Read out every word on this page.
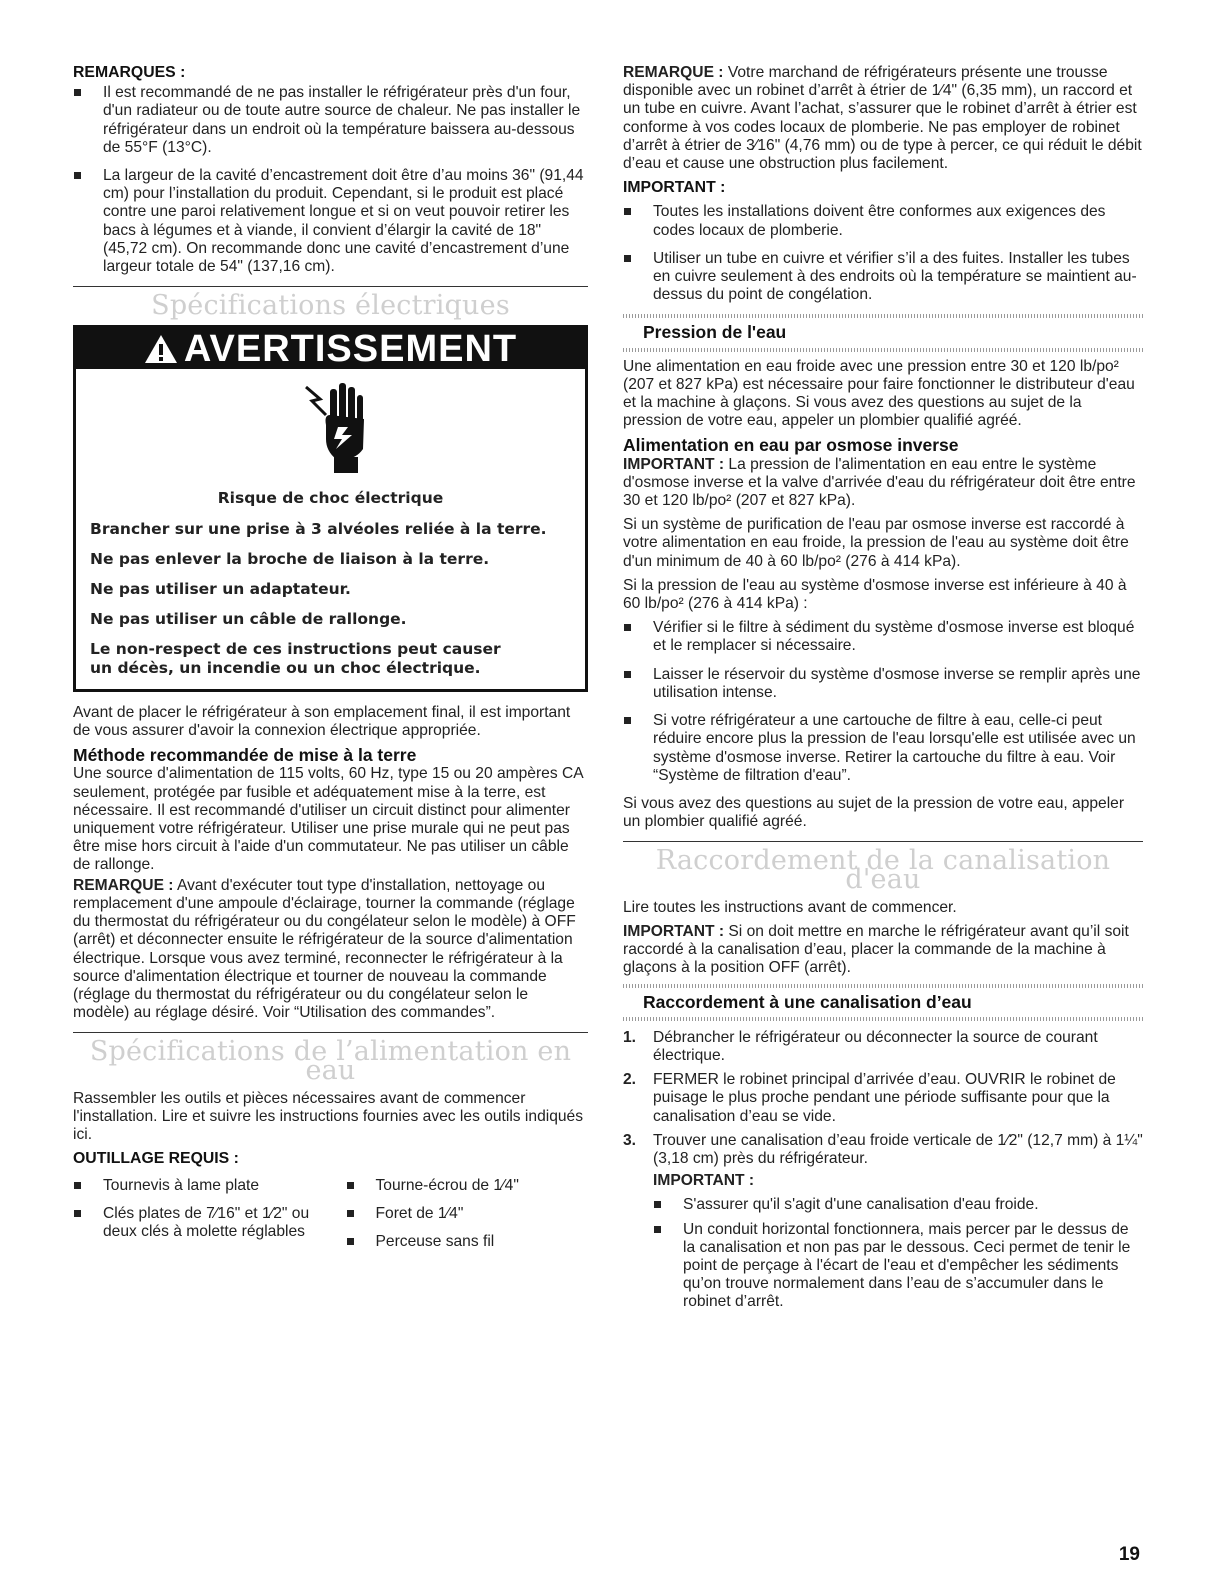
REMARQUES :
Il est recommandé de ne pas installer le réfrigérateur près d'un four, d'un radiateur ou de toute autre source de chaleur. Ne pas installer le réfrigérateur dans un endroit où la température baissera au-dessous de 55°F (13°C).
La largeur de la cavité d’encastrement doit être d’au moins 36" (91,44 cm) pour l’installation du produit. Cependant, si le produit est placé contre une paroi relativement longue et si on veut pouvoir retirer les bacs à légumes et à viande, il convient d’élargir la cavité de 18" (45,72 cm). On recommande donc une cavité d’encastrement d’une largeur totale de 54" (137,16 cm).
Spécifications électriques
AVERTISSEMENT
Risque de choc électrique
Brancher sur une prise à 3 alvéoles reliée à la terre.
Ne pas enlever la broche de liaison à la terre.
Ne pas utiliser un adaptateur.
Ne pas utiliser un câble de rallonge.
Le non-respect de ces instructions peut causer
un décès, un incendie ou un choc électrique.

Avant de placer le réfrigérateur à son emplacement final, il est important de vous assurer d'avoir la connexion électrique appropriée.

Méthode recommandée de mise à la terre

Une source d'alimentation de 115 volts, 60 Hz, type 15 ou 20 ampères CA seulement, protégée par fusible et adéquatement mise à la terre, est nécessaire. Il est recommandé d'utiliser un circuit distinct pour alimenter uniquement votre réfrigérateur. Utiliser une prise murale qui ne peut pas être mise hors circuit à l'aide d'un commutateur. Ne pas utiliser un câble de rallonge.

REMARQUE : Avant d'exécuter tout type d'installation, nettoyage ou remplacement d'une ampoule d'éclairage, tourner la commande (réglage du thermostat du réfrigérateur ou du congélateur selon le modèle) à OFF (arrêt) et déconnecter ensuite le réfrigérateur de la source d'alimentation électrique. Lorsque vous avez terminé, reconnecter le réfrigérateur à la source d'alimentation électrique et tourner de nouveau la commande (réglage du thermostat du réfrigérateur ou du congélateur selon le modèle) au réglage désiré. Voir “Utilisation des commandes”.

Spécifications de l’alimentation en eau

Rassembler les outils et pièces nécessaires avant de commencer l'installation. Lire et suivre les instructions fournies avec les outils indiqués ici.

OUTILLAGE REQUIS :
Tournevis à lame plate
Clés plates de 7⁄16" et 1⁄2" ou deux clés à molette réglables
Tourne-écrou de 1⁄4"
Foret de 1⁄4"
Perceuse sans fil

REMARQUE : Votre marchand de réfrigérateurs présente une trousse disponible avec un robinet d’arrêt à étrier de 1⁄4" (6,35 mm), un raccord et un tube en cuivre. Avant l’achat, s’assurer que le robinet d’arrêt à étrier est conforme à vos codes locaux de plomberie. Ne pas employer de robinet d’arrêt à étrier de 3⁄16" (4,76 mm) ou de type à percer, ce qui réduit le débit d’eau et cause une obstruction plus facilement.

IMPORTANT :
Toutes les installations doivent être conformes aux exigences des codes locaux de plomberie.
Utiliser un tube en cuivre et vérifier s’il a des fuites. Installer les tubes en cuivre seulement à des endroits où la température se maintient au-dessus du point de congélation.
Pression de l'eau

Une alimentation en eau froide avec une pression entre 30 et 120 lb/po² (207 et 827 kPa) est nécessaire pour faire fonctionner le distributeur d'eau et la machine à glaçons. Si vous avez des questions au sujet de la pression de votre eau, appeler un plombier qualifié agréé.

Alimentation en eau par osmose inverse

IMPORTANT : La pression de l'alimentation en eau entre le système d'osmose inverse et la valve d'arrivée d'eau du réfrigérateur doit être entre 30 et 120 lb/po² (207 et 827 kPa).

Si un système de purification de l'eau par osmose inverse est raccordé à votre alimentation en eau froide, la pression de l'eau au système doit être d'un minimum de 40 à 60 lb/po² (276 à 414 kPa).

Si la pression de l'eau au système d'osmose inverse est inférieure à 40 à 60 lb/po² (276 à 414 kPa) :

Vérifier si le filtre à sédiment du système d'osmose inverse est bloqué et le remplacer si nécessaire.
Laisser le réservoir du système d'osmose inverse se remplir après une utilisation intense.
Si votre réfrigérateur a une cartouche de filtre à eau, celle-ci peut réduire encore plus la pression de l'eau lorsqu'elle est utilisée avec un système d'osmose inverse. Retirer la cartouche du filtre à eau. Voir “Système de filtration d'eau”.

Si vous avez des questions au sujet de la pression de votre eau, appeler un plombier qualifié agréé.

Raccordement de la canalisation d'eau

Lire toutes les instructions avant de commencer.

IMPORTANT : Si on doit mettre en marche le réfrigérateur avant qu’il soit raccordé à la canalisation d’eau, placer la commande de la machine à glaçons à la position OFF (arrêt).

Raccordement à une canalisation d’eau
1. Débrancher le réfrigérateur ou déconnecter la source de courant électrique.
2. FERMER le robinet principal d’arrivée d’eau. OUVRIR le robinet de puisage le plus proche pendant une période suffisante pour que la canalisation d’eau se vide.
3. Trouver une canalisation d’eau froide verticale de 1⁄2" (12,7 mm) à 1¼" (3,18 cm) près du réfrigérateur.
IMPORTANT :
S'assurer qu'il s'agit d'une canalisation d'eau froide.
Un conduit horizontal fonctionnera, mais percer par le dessus de la canalisation et non pas par le dessous. Ceci permet de tenir le point de perçage à l'écart de l'eau et d'empêcher les sédiments qu’on trouve normalement dans l’eau de s’accumuler dans le robinet d’arrêt.
19
